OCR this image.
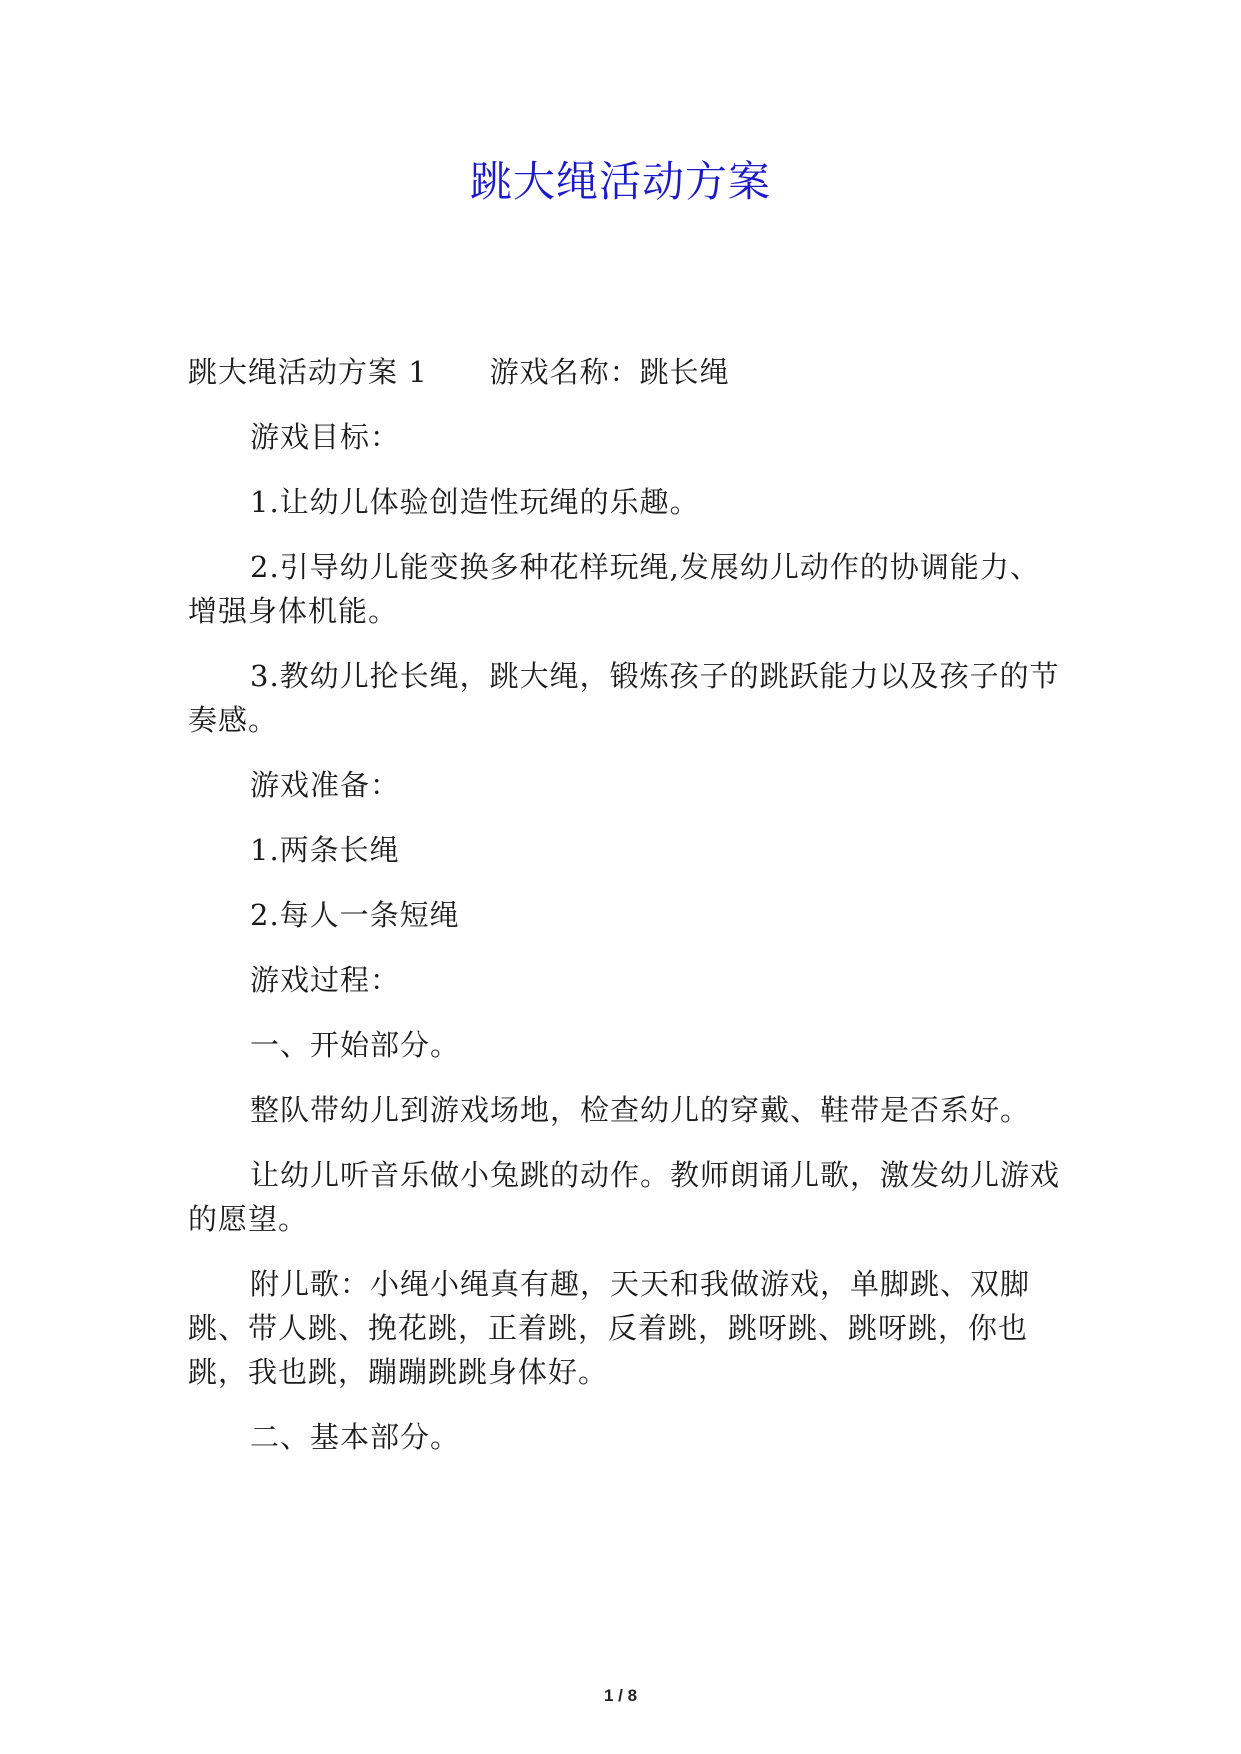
跳大绳活动方案

跳大绳活动方案 1 游戏名称：跳长绳

游戏目标：

1.让幼儿体验创造性玩绳的乐趣。

2.引导幼儿能变换多种花样玩绳,发展幼儿动作的协调能力、增强身体机能。

3.教幼儿抡长绳，跳大绳，锻炼孩子的跳跃能力以及孩子的节奏感。

游戏准备：

1.两条长绳

2.每人一条短绳

游戏过程：

一、开始部分。

整队带幼儿到游戏场地，检查幼儿的穿戴、鞋带是否系好。

让幼儿听音乐做小兔跳的动作。教师朗诵儿歌，激发幼儿游戏的愿望。

附儿歌：小绳小绳真有趣，天天和我做游戏，单脚跳、双脚跳、带人跳、挽花跳，正着跳，反着跳，跳呀跳、跳呀跳，你也跳，我也跳，蹦蹦跳跳身体好。

二、基本部分。

1 / 8
